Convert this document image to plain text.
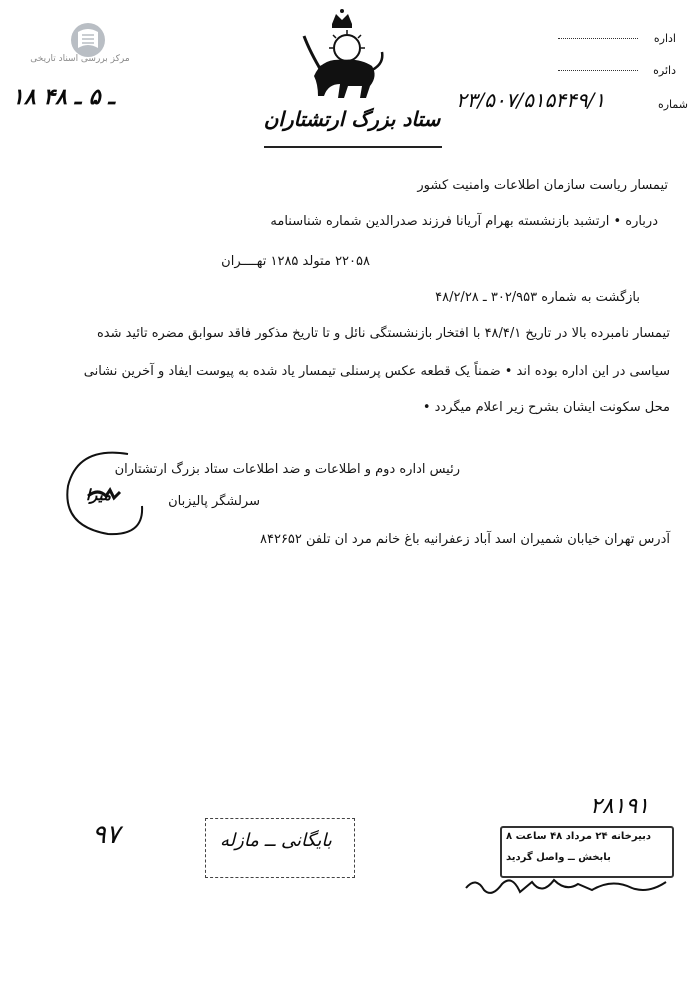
مرکز بررسی اسناد تاریخی
ستاد بزرگ ارتشتاران
اداره
دائره
شماره
۲۳/۵۰۷/۵۱۵۴۴۹/۱
۱۸ ـ ۵ ـ ۴۸
تیمسار ریاست سازمان اطلاعات وامنیت کشور
درباره • ارتشبد بازنشسته بهرام آریانا فرزند صدرالدین شماره شناسنامه
۲۲۰۵۸ متولد ۱۲۸۵ تهــــران
بازگشت به شماره ۳۰۲/۹۵۳ ـ ۴۸/۲/۲۸
تیمسار نامبرده بالا در تاریخ ۴۸/۴/۱ با افتخار بازنشستگی نائل و تا تاریخ مذکور فاقد سوابق مضره تائید شده
سیاسی در این اداره بوده اند • ضمناً یک قطعه عکس پرسنلی تیمسار یاد شده به پیوست ایفاد و آخرین نشانی
محل سکونت ایشان بشرح زیر اعلام میگردد •
رئیس اداره دوم و اطلاعات و ضد اطلاعات ستاد بزرگ ارتشتاران
سرلشگر پالیزبان
میرا
آدرس تهران خیابان شمیران اسد آباد زعفرانیه باغ خانم مرد ان تلفن ۸۴۲۶۵۲
۲۸۱۹۱
۹۷	بایگانی ــ مازله	دبیرخانه ۲۴ مرداد ۴۸ ساعت ۸
بابخش ــ واصل گردید
